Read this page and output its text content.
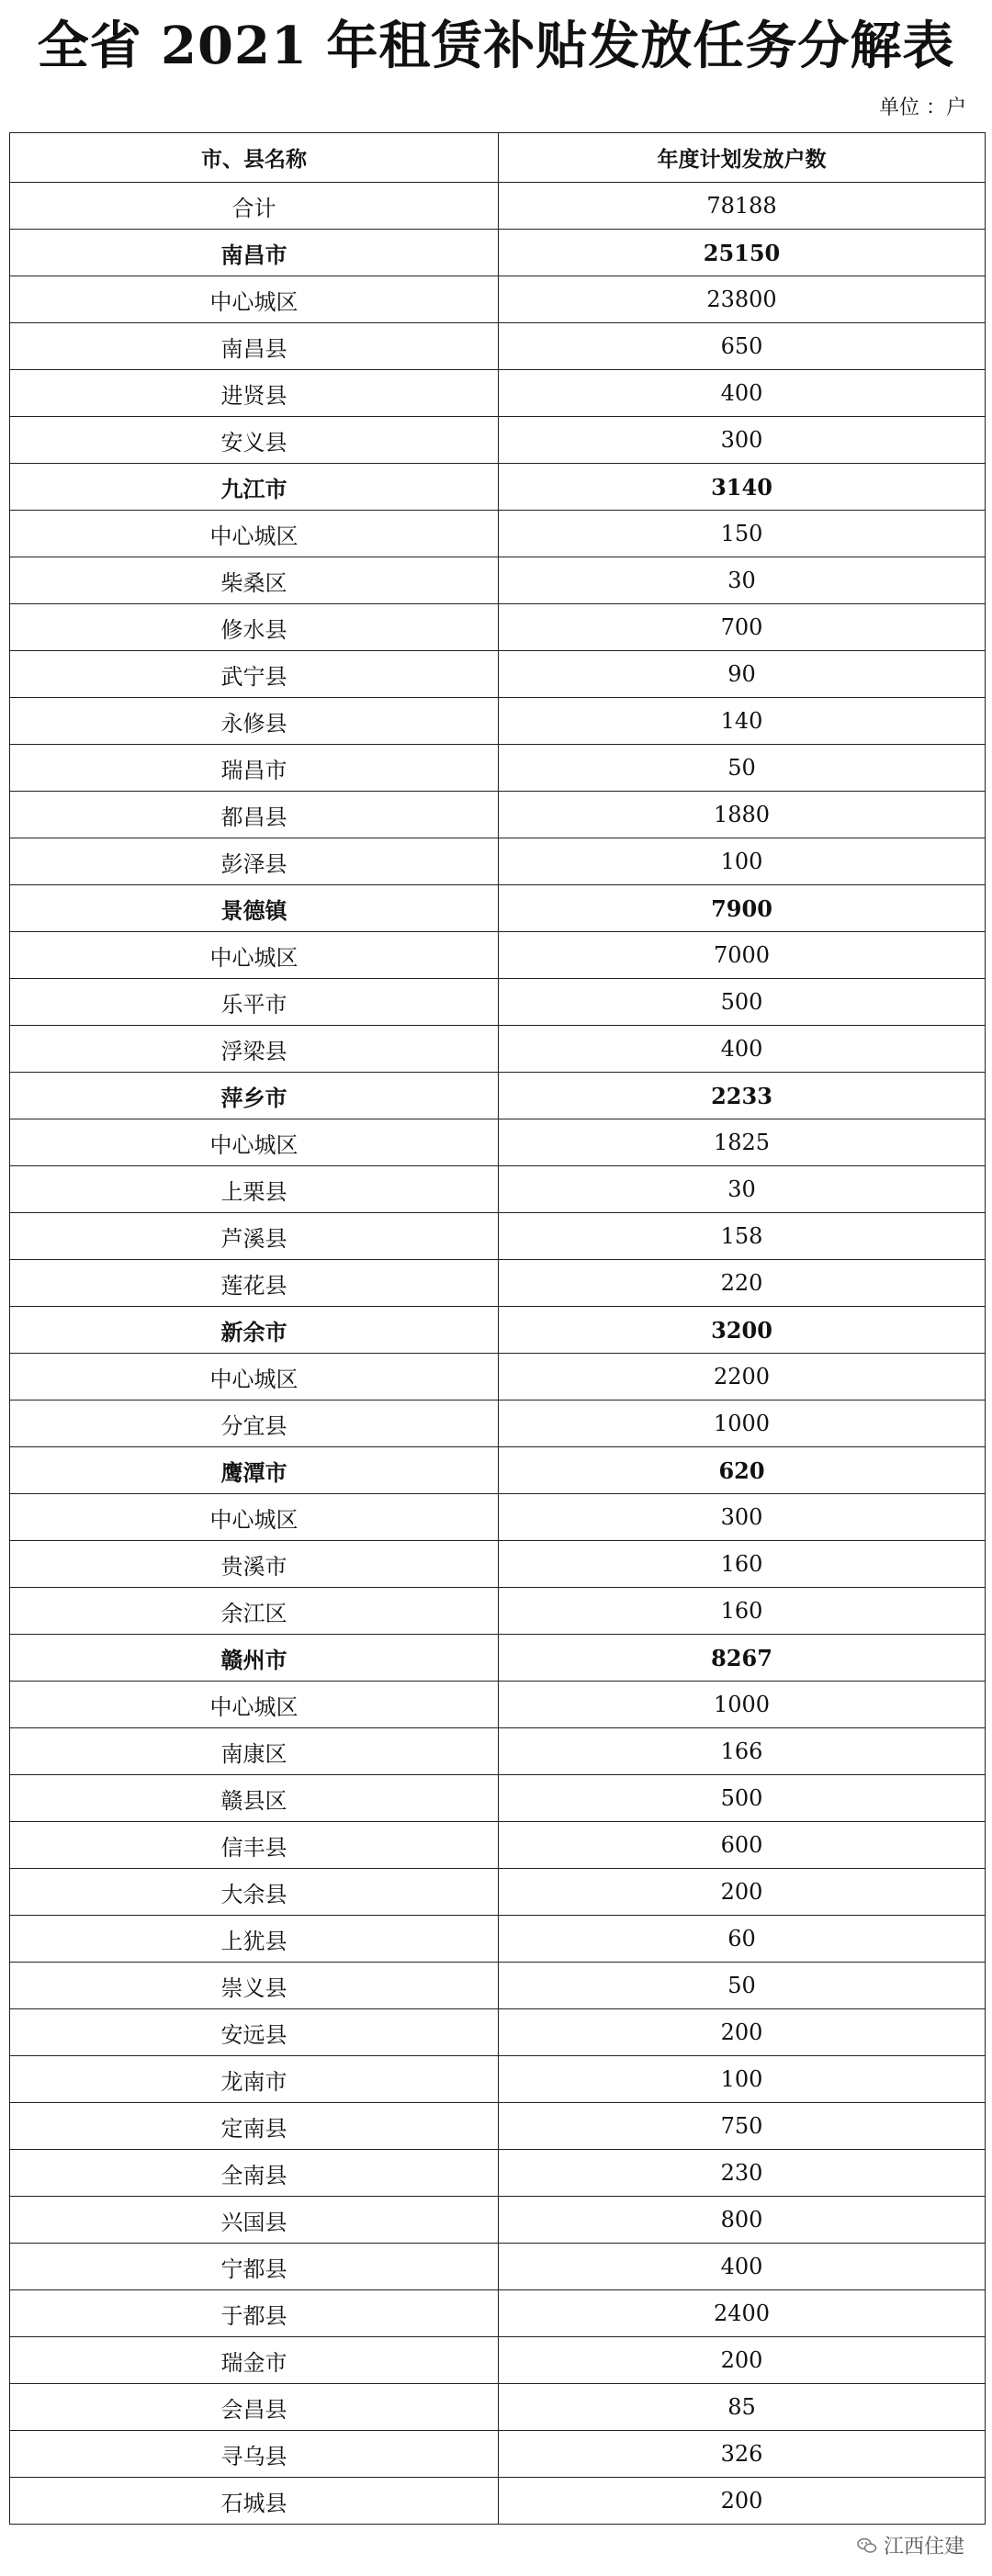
全省 2021 年租赁补贴发放任务分解表
单位 ：户
市、县名称	年度计划发放户数
合计	78188
南昌市	25150
中心城区	23800
南昌县	650
进贤县	400
安义县	300
九江市	3140
中心城区	150
柴桑区	30
修水县	700
武宁县	90
永修县	140
瑞昌市	50
都昌县	1880
彭泽县	100
景德镇	7900
中心城区	7000
乐平市	500
浮梁县	400
萍乡市	2233
中心城区	1825
上栗县	30
芦溪县	158
莲花县	220
新余市	3200
中心城区	2200
分宜县	1000
鹰潭市	620
中心城区	300
贵溪市	160
余江区	160
赣州市	8267
中心城区	1000
南康区	166
赣县区	500
信丰县	600
大余县	200
上犹县	60
崇义县	50
安远县	200
龙南市	100
定南县	750
全南县	230
兴国县	800
宁都县	400
于都县	2400
瑞金市	200
会昌县	85
寻乌县	326
石城县	200
江西住建
